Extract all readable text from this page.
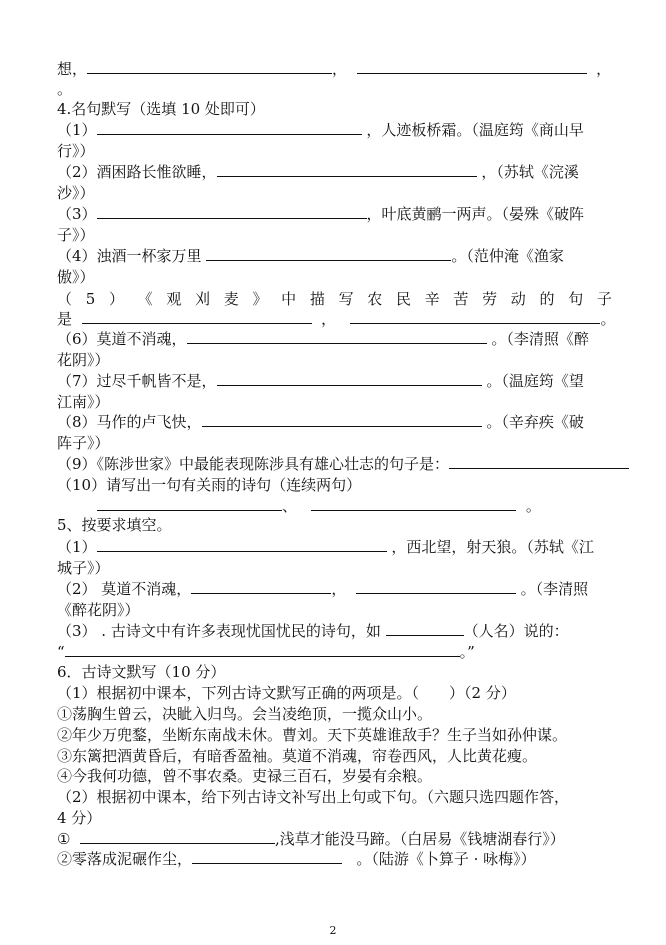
想，	，	，
。
4.名句默写（选填 10 处即可）
（1）	，人迹板桥霜。（温庭筠《商山早
行》）
（2）酒困路长惟欲睡，	，（苏轼《浣溪
沙》）
（3）	，叶底黄鹂一两声。（晏殊《破阵
子》）
（4）浊酒一杯家万里	。（范仲淹《渔家
傲》）
（ 5 ） 《 观 刈 麦 》 中 描 写 农 民 辛 苦 劳 动 的 句 子
是	，	。
（6）莫道不消魂，	。（李清照《醉
花阴》）
（7）过尽千帆皆不是，	。（温庭筠《望
江南》）
（8）马作的卢飞快，	。（辛弃疾《破
阵子》）
（9）《陈涉世家》中最能表现陈涉具有雄心壮志的句子是：
（10）请写出一句有关雨的诗句（连续两句）
、	。
5、按要求填空。
（1）	，西北望，射天狼。（苏轼《江
城子》）
（2） 莫道不消魂，	，	。（李清照
《醉花阴》）
（3） . 古诗文中有许多表现忧国忧民的诗句，如	（人名）说的：
“	。”
6．古诗文默写（10 分）
（1）根据初中课本，下列古诗文默写正确的两项是。（　　）（2 分）
①荡胸生曾云，决眦入归鸟。会当凌绝顶，一揽众山小。
②年少万兜鍪，坐断东南战未休。曹刘。天下英雄谁敌手？生子当如孙仲谋。
③东篱把酒黄昏后，有暗香盈袖。莫道不消魂，帘卷西风，人比黄花瘦。
④今我何功德，曾不事农桑。吏禄三百石，岁晏有余粮。
（2）根据初中课本，给下列古诗文补写出上句或下句。（六题只选四题作答，
4 分）
①	,浅草才能没马蹄。（白居易《钱塘湖春行》）
②零落成泥碾作尘，	。（陆游《卜算子 · 咏梅》）
2
